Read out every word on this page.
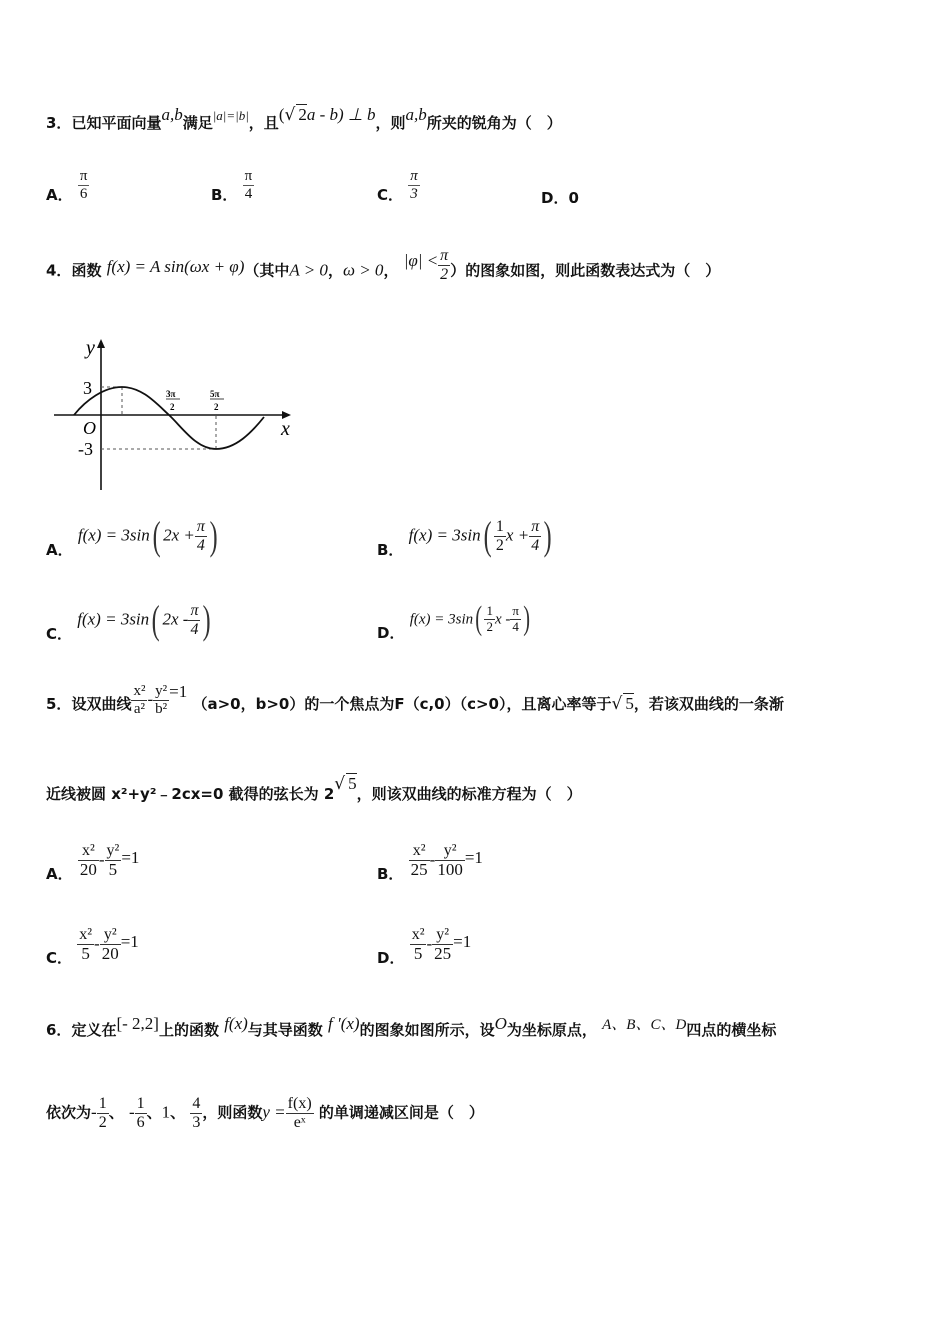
3．已知平面向量a,b满足|a|=|b|，且(√ 2a - b) ⊥ b，则a,b所夹的锐角为（　）
A． $\frac{\pi}{6}$	B． $\frac{\pi}{4}$	C． $\frac{\pi}{3}$	D．0
4．函数 f(x) = A sin(ωx + φ)（其中A > 0，ω > 0， $|\varphi| < \frac{\pi}{2}$ ）的图象如图，则此函数表达式为（　）
y
x
O
3
-3
3π
2
5π
2
A． f(x) = 3sin( $2x + \frac{\pi}{4}$ )	B． $f(x) = 3\sin( \frac{1}{2}$ $x + \frac{\pi}{4}$ )
C． f(x) = 3sin( $2x - \frac{\pi}{4}$ )	D． $f(x) = 3\sin( \frac{1}{2}$ x - $\frac{\pi}{4}$ )
5．设双曲线 $\frac{\text{x²}}{\text{a²}} - \frac{\text{y²}}{\text{b²}} =1$ （a>0，b>0）的一个焦点为F（c,0）（c>0），且离心率等于√ 5，若该双曲线的一条渐
近线被圆 x²+y²﹣2cx=0 截得的弦长为 2√ 5，则该双曲线的标准方程为（　）
A． $\frac{\text{x²}}{20} - \frac{\text{y²}}{5} =1$
B． $\frac{\text{x²}}{25} - \frac{\text{y²}}{100} =1$
C． $\frac{\text{x²}}{5} - \frac{\text{y²}}{20} =1$
D． $\frac{\text{x²}}{5} - \frac{\text{y²}}{25} =1$
6．定义在[- 2,2]上的函数 f(x)与其导函数 f ′(x)的图象如图所示，设O为坐标原点， A、B、C、D四点的横坐标
依次为- $\frac{1}{2}$ 、 - $\frac{1}{6}$ 、1、 $\frac{4}{3}$ ，则函数$y = \frac{f(x)}{\text{eˣ}}$ 的单调递减区间是（　）
